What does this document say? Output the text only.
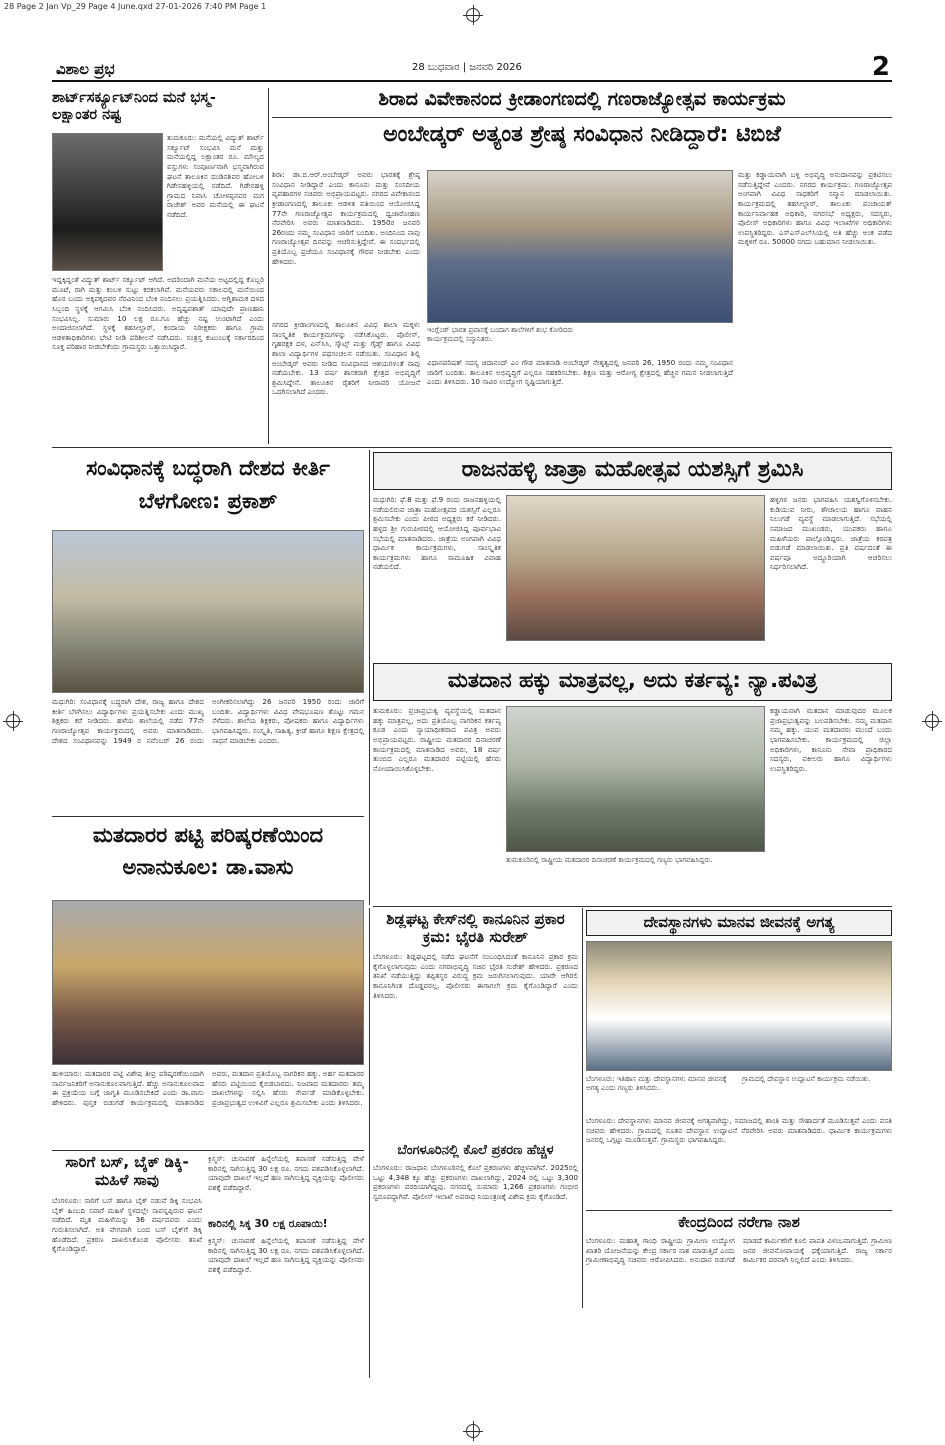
28 Page 2 Jan Vp_29 Page 4 June.qxd 27-01-2026 7:40 PM Page 1
ವಿಶಾಲ ಪ್ರಭ	28 ಬುಧವಾರ | ಜನವರಿ 2026	2
ಶಾರ್ಟ್‌ಸರ್ಕ್ಯೂಟ್‌ನಿಂದ ಮನೆ ಭಸ್ಮ- ಲಕ್ಷಾಂತರ ನಷ್ಟ
ತುಮಕೂರು: ಮನೆಯಲ್ಲಿ ವಿದ್ಯುತ್ ಶಾರ್ಟ್ ಸರ್ಕ್ಯೂಟ್ ಸಂಭವಿಸಿ ಮನೆ ಮತ್ತು ಮನೆಯಲ್ಲಿದ್ದ ಲಕ್ಷಾಂತರ ರೂ. ಮೌಲ್ಯದ ವಸ್ತುಗಳು ಸಂಪೂರ್ಣವಾಗಿ ಭಸ್ಮವಾಗಿರುವ ಘಟನೆ ತಾಲೂಕಿನ ದಂಡಿನಶಿವರ ಹೋಬಳಿ ಗಿಡೇನಹಳ್ಳಿಯಲ್ಲಿ ನಡೆದಿದೆ. ಗಿಡೇನಹಳ್ಳಿ ಗ್ರಾಮದ ನಿವಾಸಿ ಚೋಳಪ್ಪನವರ ಮಗ ರಾಜೇಶ್ ಅವರ ಮನೆಯಲ್ಲಿ ಈ ಘಟನೆ ನಡೆದಿದೆ.
ಇದ್ದಕ್ಕಿದ್ದಂತೆ ವಿದ್ಯುತ್ ಶಾರ್ಟ್ ಸರ್ಕ್ಯೂಟ್ ಆಗಿದೆ. ಅದರಿಂದಾಗಿ ಮನೆಯ ಅಟ್ಟದಲ್ಲಿದ್ದ ಕೊಬ್ಬರಿ ಮೂಟೆ, ರಾಗಿ ಮತ್ತು ಕಂಬಳಿ ಸುಟ್ಟು ಕರಕಲಾಗಿವೆ. ಮನೆಯವರು ಸಕಾಲದಲ್ಲಿ ಮನೆಯಿಂದ ಹೊರ ಬಂದು ಅಕ್ಕಪಕ್ಕದವರ ನೆರವಿನಿಂದ ಬೆಂಕಿ ನಂದಿಸಲು ಪ್ರಯತ್ನಿಸಿದರು. ಅಗ್ನಿಶಾಮಕ ದಳದ ಸಿಬ್ಬಂದಿ ಸ್ಥಳಕ್ಕೆ ಆಗಮಿಸಿ ಬೆಂಕಿ ನಂದಿಸಿದರು. ಅದೃಷ್ಟವಶಾತ್ ಯಾವುದೇ ಪ್ರಾಣಹಾನಿ ಸಂಭವಿಸಿಲ್ಲ. ಸುಮಾರು 10 ಲಕ್ಷ ರೂ.ಗೂ ಹೆಚ್ಚು ನಷ್ಟ ಉಂಟಾಗಿದೆ ಎಂದು ಅಂದಾಜಿಸಲಾಗಿದೆ. ಸ್ಥಳಕ್ಕೆ ತಹಸೀಲ್ದಾರ್, ಕಂದಾಯ ನಿರೀಕ್ಷಕರು ಹಾಗೂ ಗ್ರಾಮ ಆಡಳಿತಾಧಿಕಾರಿಗಳು ಭೇಟಿ ನೀಡಿ ಪರಿಶೀಲನೆ ನಡೆಸಿದರು. ಸಂತ್ರಸ್ತ ಕುಟುಂಬಕ್ಕೆ ಸರ್ಕಾರದಿಂದ ಸೂಕ್ತ ಪರಿಹಾರ ನೀಡಬೇಕೆಂದು ಗ್ರಾಮಸ್ಥರು ಒತ್ತಾಯಿಸಿದ್ದಾರೆ.
ಶಿರಾದ ವಿವೇಕಾನಂದ ಕ್ರೀಡಾಂಗಣದಲ್ಲಿ ಗಣರಾಜ್ಯೋತ್ಸವ ಕಾರ್ಯಕ್ರಮ
ಅಂಬೇಡ್ಕರ್ ಅತ್ಯಂತ ಶ್ರೇಷ್ಠ ಸಂವಿಧಾನ ನೀಡಿದ್ದಾರೆ: ಟಿಬಿಜೆ
ಶಿರಾ: ಡಾ.ಬಿ.ಆರ್.ಅಂಬೇಡ್ಕರ್ ಅವರು ಭಾರತಕ್ಕೆ ಶ್ರೇಷ್ಠ ಸಂವಿಧಾನ ನೀಡಿದ್ದಾರೆ ಎಂದು ಕಾನೂನು ಮತ್ತು ಸಂಸದೀಯ ವ್ಯವಹಾರಗಳ ಸಚಿವರು ಅಭಿಪ್ರಾಯಪಟ್ಟರು. ನಗರದ ವಿವೇಕಾನಂದ ಕ್ರೀಡಾಂಗಣದಲ್ಲಿ ತಾಲೂಕು ಆಡಳಿತ ವತಿಯಿಂದ ಆಯೋಜಿಸಿದ್ದ 77ನೇ ಗಣರಾಜ್ಯೋತ್ಸವ ಕಾರ್ಯಕ್ರಮದಲ್ಲಿ ಧ್ವಜಾರೋಹಣ ನೆರವೇರಿಸಿ ಅವರು ಮಾತನಾಡಿದರು. 1950ರ ಜನವರಿ 26ರಂದು ನಮ್ಮ ಸಂವಿಧಾನ ಜಾರಿಗೆ ಬಂದಿತು. ಅಂದಿನಿಂದ ನಾವು ಗಣರಾಜ್ಯೋತ್ಸವ ದಿನವನ್ನು ಆಚರಿಸುತ್ತಿದ್ದೇವೆ. ಈ ಸಂದರ್ಭದಲ್ಲಿ ಪ್ರತಿಯೊಬ್ಬ ಪ್ರಜೆಯೂ ಸಂವಿಧಾನಕ್ಕೆ ಗೌರವ ನೀಡಬೇಕು ಎಂದು ಹೇಳಿದರು.
ನಗರದ ಕ್ರೀಡಾಂಗಣದಲ್ಲಿ ತಾಲೂಕಿನ ವಿವಿಧ ಶಾಲಾ ಮಕ್ಕಳು ಸಾಂಸ್ಕೃತಿಕ ಕಾರ್ಯಕ್ರಮಗಳನ್ನು ನಡೆಸಿಕೊಟ್ಟರು. ಪೊಲೀಸ್, ಗೃಹರಕ್ಷಕ ದಳ, ಎನ್‌ಸಿಸಿ, ಸ್ಕೌಟ್ಸ್ ಮತ್ತು ಗೈಡ್ಸ್ ಹಾಗೂ ವಿವಿಧ ಶಾಲಾ ವಿದ್ಯಾರ್ಥಿಗಳ ಪಥಸಂಚಲನ ನಡೆಯಿತು. ಸಂವಿಧಾನ ಶಿಲ್ಪಿ ಅಂಬೇಡ್ಕರ್ ಅವರು ನೀಡಿದ ಸಂವಿಧಾನದ ಆಶಯಗಳಂತೆ ನಾವು ನಡೆಯಬೇಕು. 13 ವರ್ಷ ಶಾಸಕರಾಗಿ ಕ್ಷೇತ್ರದ ಅಭಿವೃದ್ಧಿಗೆ ಶ್ರಮಿಸಿದ್ದೇನೆ. ತಾಲೂಕಿನ ರೈತರಿಗೆ ನೀರಾವರಿ ಯೋಜನೆ ಒದಗಿಸಲಾಗಿದೆ ಎಂದರು.
ಇಂಗ್ಲೆಂಡ್ ಭಾರತ ಪ್ರವಾಸಕ್ಕೆ ಬಂದಾಗ ಶಾಲೆಗಳಿಗೆ ಶುಭ ಕೋರಿದರು ಕಾರ್ಯಕ್ರಮದಲ್ಲಿ ಸನ್ಮಾನಿತರು.
ವಿಧಾನಪರಿಷತ್ ಸದಸ್ಯ ಚಿದಾನಂದ್ ಎಂ ಗೌಡ ಮಾತನಾಡಿ ಅಂಬೇಡ್ಕರ್ ನೇತೃತ್ವದಲ್ಲಿ ಜನವರಿ 26, 1950 ರಂದು ನಮ್ಮ ಸಂವಿಧಾನ ಜಾರಿಗೆ ಬಂದಿತು. ತಾಲೂಕಿನ ಅಭಿವೃದ್ಧಿಗೆ ಎಲ್ಲರೂ ಸಹಕರಿಸಬೇಕು. ಶಿಕ್ಷಣ ಮತ್ತು ಆರೋಗ್ಯ ಕ್ಷೇತ್ರದಲ್ಲಿ ಹೆಚ್ಚಿನ ಗಮನ ನೀಡಲಾಗುತ್ತಿದೆ ಎಂದು ತಿಳಿಸಿದರು. 10 ಸಾವಿರ ಉದ್ಯೋಗ ಸೃಷ್ಟಿಯಾಗುತ್ತಿದೆ.
ಮತ್ತು ಕಡ್ಡಾಯವಾಗಿ ಬಳ್ಳಿ ಅಭಿವೃದ್ಧಿ ಅನುದಾನವನ್ನು ಪ್ರಕಟಿಸಲು ನಡೆಸುತ್ತಿದ್ದೇವೆ ಎಂದರು. ನಗರದ ಕಾರ್ಯಕ್ರಮ: ಗಣರಾಜ್ಯೋತ್ಸವ ಅಂಗವಾಗಿ ವಿವಿಧ ಸಾಧಕರಿಗೆ ಸನ್ಮಾನ ಮಾಡಲಾಯಿತು. ಕಾರ್ಯಕ್ರಮದಲ್ಲಿ ತಹಸೀಲ್ದಾರ್, ತಾಲೂಕು ಪಂಚಾಯತ್ ಕಾರ್ಯನಿರ್ವಾಹಕ ಅಧಿಕಾರಿ, ನಗರಸಭೆ ಅಧ್ಯಕ್ಷರು, ಸದಸ್ಯರು, ಪೊಲೀಸ್ ಅಧಿಕಾರಿಗಳು ಹಾಗೂ ವಿವಿಧ ಇಲಾಖೆಗಳ ಅಧಿಕಾರಿಗಳು ಉಪಸ್ಥಿತರಿದ್ದರು. ಎಸ್‌ಎಸ್‌ಎಲ್‌ಸಿಯಲ್ಲಿ ಅತಿ ಹೆಚ್ಚು ಅಂಕ ಪಡೆದ ಮಕ್ಕಳಿಗೆ ರೂ. 50000 ನಗದು ಬಹುಮಾನ ನೀಡಲಾಯಿತು.
ಸಂವಿಧಾನಕ್ಕೆ ಬದ್ಧರಾಗಿ ದೇಶದ ಕೀರ್ತಿ ಬೆಳಗೋಣ: ಪ್ರಕಾಶ್
ಮಧುಗಿರಿ: ಸಂವಿಧಾನಕ್ಕೆ ಬದ್ಧರಾಗಿ ದೇಶ, ರಾಜ್ಯ ಹಾಗೂ ದೇಶದ ಕೀರ್ತಿ ಬೆಳಗಿಸಲು ವಿದ್ಯಾರ್ಥಿಗಳು ಪ್ರಯತ್ನಿಸಬೇಕು ಎಂದು ಮುಖ್ಯ ಶಿಕ್ಷಕರು ಕರೆ ನೀಡಿದರು. ಹಳೆಯ ಶಾಲೆಯಲ್ಲಿ ನಡೆದ 77ನೇ ಗಣರಾಜ್ಯೋತ್ಸವ ಕಾರ್ಯಕ್ರಮದಲ್ಲಿ ಅವರು ಮಾತನಾಡಿದರು. ದೇಶದ ಸಂವಿಧಾನವನ್ನು 1949 ರ ನವೆಂಬರ್ 26 ರಂದು ಅಂಗೀಕರಿಸಲಾಗಿದ್ದು 26 ಜನವರಿ 1950 ರಂದು ಜಾರಿಗೆ ಬಂದಿತು. ವಿದ್ಯಾರ್ಥಿಗಳು ವಿವಿಧ ವೇಷಭೂಷಣ ತೊಟ್ಟು ಗಮನ ಸೆಳೆದರು. ಶಾಲೆಯ ಶಿಕ್ಷಕರು, ಪೋಷಕರು ಹಾಗೂ ವಿದ್ಯಾರ್ಥಿಗಳು ಭಾಗವಹಿಸಿದ್ದರು. ಸಂಸ್ಕೃತಿ, ಸಾಹಿತ್ಯ, ಕ್ರೀಡೆ ಹಾಗೂ ಶಿಕ್ಷಣ ಕ್ಷೇತ್ರದಲ್ಲಿ ಸಾಧನೆ ಮಾಡಬೇಕು ಎಂದರು.
ರಾಜನಹಳ್ಳಿ ಜಾತ್ರಾ ಮಹೋತ್ಸವ ಯಶಸ್ಸಿಗೆ ಶ್ರಮಿಸಿ
ಮಧುಗಿರಿ: ಫೆ.8 ಮತ್ತು ಫೆ.9 ರಂದು ರಾಜನಹಳ್ಳಿಯಲ್ಲಿ ನಡೆಯಲಿರುವ ಜಾತ್ರಾ ಮಹೋತ್ಸವದ ಯಶಸ್ಸಿಗೆ ಎಲ್ಲರೂ ಶ್ರಮಿಸಬೇಕು ಎಂದು ಪೀಠದ ಅಧ್ಯಕ್ಷರು ಕರೆ ನೀಡಿದರು. ಹಳ್ಳದ ಶ್ರೀ ಗುರುಪೀಠದಲ್ಲಿ ಆಯೋಜಿಸಿದ್ದ ಪೂರ್ವಭಾವಿ ಸಭೆಯಲ್ಲಿ ಮಾತನಾಡಿದರು. ಜಾತ್ರೆಯ ಅಂಗವಾಗಿ ವಿವಿಧ ಧಾರ್ಮಿಕ ಕಾರ್ಯಕ್ರಮಗಳು, ಸಾಂಸ್ಕೃತಿಕ ಕಾರ್ಯಕ್ರಮಗಳು ಹಾಗೂ ಸಾಮೂಹಿಕ ವಿವಾಹ ನಡೆಯಲಿದೆ.
ಹಳ್ಳಿಗಳ ಜನರು ಭಾಗವಹಿಸಿ ಯಶಸ್ವಿಗೊಳಿಸಬೇಕು. ಕುಡಿಯುವ ನೀರು, ಶೌಚಾಲಯ ಹಾಗೂ ವಾಹನ ನಿಲುಗಡೆ ವ್ಯವಸ್ಥೆ ಮಾಡಲಾಗುತ್ತಿದೆ. ಸಭೆಯಲ್ಲಿ ಸಮಾಜದ ಮುಖಂಡರು, ಯುವಕರು ಹಾಗೂ ಮಹಿಳೆಯರು ಪಾಲ್ಗೊಂಡಿದ್ದರು. ಜಾತ್ರೆಯ ಕರಪತ್ರ ಬಿಡುಗಡೆ ಮಾಡಲಾಯಿತು. ಪ್ರತಿ ವರ್ಷದಂತೆ ಈ ವರ್ಷವೂ ಅದ್ಧೂರಿಯಾಗಿ ಆಚರಿಸಲು ನಿರ್ಧರಿಸಲಾಗಿದೆ.
ಮತದಾನ ಹಕ್ಕು ಮಾತ್ರವಲ್ಲ, ಅದು ಕರ್ತವ್ಯ: ನ್ಯಾ.ಪವಿತ್ರ
ತುಮಕೂರು: ಪ್ರಜಾಪ್ರಭುತ್ವ ವ್ಯವಸ್ಥೆಯಲ್ಲಿ ಮತದಾನ ಹಕ್ಕು ಮಾತ್ರವಲ್ಲ, ಅದು ಪ್ರತಿಯೊಬ್ಬ ನಾಗರಿಕನ ಕರ್ತವ್ಯ ಕೂಡ ಎಂದು ನ್ಯಾಯಾಧೀಶರಾದ ಪವಿತ್ರ ಅವರು ಅಭಿಪ್ರಾಯಪಟ್ಟರು. ರಾಷ್ಟ್ರೀಯ ಮತದಾರರ ದಿನಾಚರಣೆ ಕಾರ್ಯಕ್ರಮದಲ್ಲಿ ಮಾತನಾಡಿದ ಅವರು, 18 ವರ್ಷ ತುಂಬಿದ ಎಲ್ಲರೂ ಮತದಾರರ ಪಟ್ಟಿಯಲ್ಲಿ ಹೆಸರು ನೋಂದಾಯಿಸಿಕೊಳ್ಳಬೇಕು.
ತುಮಕೂರಿನಲ್ಲಿ ರಾಷ್ಟ್ರೀಯ ಮತದಾರರ ದಿನಾಚರಣೆ ಕಾರ್ಯಕ್ರಮದಲ್ಲಿ ಗಣ್ಯರು ಭಾಗವಹಿಸಿದ್ದರು.
ಕಡ್ಡಾಯವಾಗಿ ಮತದಾನ ಮಾಡುವುದರ ಮೂಲಕ ಪ್ರಜಾಪ್ರಭುತ್ವವನ್ನು ಬಲಪಡಿಸಬೇಕು. ನಮ್ಮ ಮತದಾನ ನಮ್ಮ ಹಕ್ಕು. ಯುವ ಮತದಾರರು ಮುಂದೆ ಬಂದು ಭಾಗವಹಿಸಬೇಕು. ಕಾರ್ಯಕ್ರಮದಲ್ಲಿ ಜಿಲ್ಲಾ ಅಧಿಕಾರಿಗಳು, ಕಾನೂನು ಸೇವಾ ಪ್ರಾಧಿಕಾರದ ಸದಸ್ಯರು, ವಕೀಲರು ಹಾಗೂ ವಿದ್ಯಾರ್ಥಿಗಳು ಉಪಸ್ಥಿತರಿದ್ದರು.
ಮತದಾರರ ಪಟ್ಟಿ ಪರಿಷ್ಕರಣೆಯಿಂದ ಅನಾನುಕೂಲ: ಡಾ.ವಾಸು
ಹುಳಿಯಾರು: ಮತದಾರರ ಪಟ್ಟಿ ವಿಶೇಷ ತೀವ್ರ ಪರಿಷ್ಕರಣೆಯಿಂದಾಗಿ ಸಾರ್ವಜನಿಕರಿಗೆ ಅನಾನುಕೂಲವಾಗುತ್ತಿದೆ. ಹೆಚ್ಚು ಅನಾನುಕೂಲವಾದ ಈ ಪ್ರಕ್ರಿಯೆಯ ಬಗ್ಗೆ ಜಾಗೃತಿ ಮೂಡಿಸಬೇಕಿದೆ ಎಂದು ಡಾ.ವಾಸು ಹೇಳಿದರು. ಪುಸ್ತಕ ಬಿಡುಗಡೆ ಕಾರ್ಯಕ್ರಮದಲ್ಲಿ ಮಾತನಾಡಿದ ಅವರು, ಮತದಾನ ಪ್ರತಿಯೊಬ್ಬ ನಾಗರಿಕನ ಹಕ್ಕು. ಅರ್ಹ ಮತದಾರರ ಹೆಸರು ಪಟ್ಟಿಯಿಂದ ಕೈಬಿಡಬಾರದು. ನಿಜವಾದ ಮತದಾರರು ತಮ್ಮ ದಾಖಲೆಗಳನ್ನು ಸಲ್ಲಿಸಿ ಹೆಸರು ಸೇರ್ಪಡೆ ಮಾಡಿಕೊಳ್ಳಬೇಕು. ಪ್ರಜಾಪ್ರಭುತ್ವದ ಉಳಿವಿಗೆ ಎಲ್ಲರೂ ಶ್ರಮಿಸಬೇಕು ಎಂದು ತಿಳಿಸಿದರು.
ಶಿಡ್ಲಘಟ್ಟ ಕೇಸ್‌ನಲ್ಲಿ ಕಾನೂನಿನ ಪ್ರಕಾರ ಕ್ರಮ: ಭೈರತಿ ಸುರೇಶ್
ಬೆಂಗಳೂರು: ಶಿಡ್ಲಘಟ್ಟದಲ್ಲಿ ನಡೆದ ಘಟನೆಗೆ ಸಂಬಂಧಿಸಿದಂತೆ ಕಾನೂನಿನ ಪ್ರಕಾರ ಕ್ರಮ ಕೈಗೊಳ್ಳಲಾಗುವುದು ಎಂದು ನಗರಾಭಿವೃದ್ಧಿ ಸಚಿವ ಭೈರತಿ ಸುರೇಶ್ ಹೇಳಿದರು. ಪ್ರಕರಣದ ತನಿಖೆ ನಡೆಯುತ್ತಿದ್ದು ತಪ್ಪಿತಸ್ಥರ ವಿರುದ್ಧ ಕ್ರಮ ಜರುಗಿಸಲಾಗುವುದು. ಯಾರೇ ಆಗಿರಲಿ ಕಾನೂನಿಗಿಂತ ದೊಡ್ಡವರಲ್ಲ. ಪೊಲೀಸರು ಈಗಾಗಲೇ ಕ್ರಮ ಕೈಗೊಂಡಿದ್ದಾರೆ ಎಂದು ತಿಳಿಸಿದರು.
ಬೆಂಗಳೂರಿನಲ್ಲಿ ಕೊಲೆ ಪ್ರಕರಣ ಹೆಚ್ಚಳ
ಬೆಂಗಳೂರು: ರಾಜಧಾನಿ ಬೆಂಗಳೂರಿನಲ್ಲಿ ಕೊಲೆ ಪ್ರಕರಣಗಳು ಹೆಚ್ಚಳವಾಗಿವೆ. 2025ರಲ್ಲಿ ಒಟ್ಟು 4,348 ಕ್ಕೂ ಹೆಚ್ಚು ಪ್ರಕರಣಗಳು ದಾಖಲಾಗಿದ್ದು, 2024 ರಲ್ಲಿ ಒಟ್ಟು 3,300 ಪ್ರಕರಣಗಳು ವರದಿಯಾಗಿದ್ದವು. ನಗರದಲ್ಲಿ ಸುಮಾರು 1,266 ಪ್ರಕರಣಗಳು ಗಂಭೀರ ಸ್ವರೂಪದ್ದಾಗಿವೆ. ಪೊಲೀಸ್ ಇಲಾಖೆ ಅಪರಾಧ ನಿಯಂತ್ರಣಕ್ಕೆ ವಿಶೇಷ ಕ್ರಮ ಕೈಗೊಂಡಿದೆ.
ದೇವಸ್ಥಾನಗಳು ಮಾನವ ಜೀವನಕ್ಕೆ ಅಗತ್ಯ
ಬೆಂಗಳೂರು: ಇತಿಹಾಸ ಮತ್ತು ದೇವಸ್ಥಾನಗಳು ಮಾನವ ಜೀವನಕ್ಕೆ ಅಗತ್ಯ ಎಂದು ಗಣ್ಯರು ತಿಳಿಸಿದರು.
ಗ್ರಾಮದಲ್ಲಿ ದೇವಸ್ಥಾನ ಉದ್ಘಾಟನೆ ಕಾರ್ಯಕ್ರಮ ನಡೆಯಿತು.
ಬೆಂಗಳೂರು: ದೇವಸ್ಥಾನಗಳು ಮಾನವ ಜೀವನಕ್ಕೆ ಅಗತ್ಯವಾಗಿದ್ದು, ಸಮಾಜದಲ್ಲಿ ಶಾಂತಿ ಮತ್ತು ಸೌಹಾರ್ದತೆ ಮೂಡಿಸುತ್ತವೆ ಎಂದು ವಸತಿ ಸಚಿವರು ಹೇಳಿದರು. ಗ್ರಾಮದಲ್ಲಿ ನೂತನ ದೇವಸ್ಥಾನ ಉದ್ಘಾಟನೆ ನೆರವೇರಿಸಿ ಅವರು ಮಾತನಾಡಿದರು. ಧಾರ್ಮಿಕ ಕಾರ್ಯಕ್ರಮಗಳು ಜನರಲ್ಲಿ ಒಗ್ಗಟ್ಟು ಮೂಡಿಸುತ್ತವೆ. ಗ್ರಾಮಸ್ಥರು ಭಾಗವಹಿಸಿದ್ದರು.
ಸಾರಿಗೆ ಬಸ್, ಬೈಕ್ ಡಿಕ್ಕಿ- ಮಹಿಳೆ ಸಾವು
ಬೆಂಗಳೂರು: ಸಾರಿಗೆ ಬಸ್ ಹಾಗೂ ಬೈಕ್ ನಡುವೆ ಡಿಕ್ಕಿ ಸಂಭವಿಸಿ ಬೈಕ್ ಹಿಂಬದಿ ಸವಾರೆ ಮಹಿಳೆ ಸ್ಥಳದಲ್ಲೇ ಸಾವನ್ನಪ್ಪಿರುವ ಘಟನೆ ನಡೆದಿದೆ. ಮೃತ ಮಹಿಳೆಯನ್ನು 36 ವರ್ಷದವರು ಎಂದು ಗುರುತಿಸಲಾಗಿದೆ. ಅತಿ ವೇಗವಾಗಿ ಬಂದ ಬಸ್ ಬೈಕ್‌ಗೆ ಡಿಕ್ಕಿ ಹೊಡೆದಿದೆ. ಪ್ರಕರಣ ದಾಖಲಿಸಿಕೊಂಡ ಪೊಲೀಸರು ತನಿಖೆ ಕೈಗೊಂಡಿದ್ದಾರೆ.
ಕ್ರಿಸ್ಮಸ್: ಚುನಾವಣೆ ಹಿನ್ನೆಲೆಯಲ್ಲಿ ತಪಾಸಣೆ ನಡೆಸುತ್ತಿದ್ದ ವೇಳೆ ಕಾರಿನಲ್ಲಿ ಸಾಗಿಸುತ್ತಿದ್ದ 30 ಲಕ್ಷ ರೂ. ನಗದು ವಶಪಡಿಸಿಕೊಳ್ಳಲಾಗಿದೆ. ಯಾವುದೇ ದಾಖಲೆ ಇಲ್ಲದೆ ಹಣ ಸಾಗಿಸುತ್ತಿದ್ದ ವ್ಯಕ್ತಿಯನ್ನು ಪೊಲೀಸರು ವಶಕ್ಕೆ ಪಡೆದಿದ್ದಾರೆ.
ಕಾರಿನಲ್ಲಿ ಸಿಕ್ಕ 30 ಲಕ್ಷ ರೂಪಾಯಿ!
ಕ್ರಿಸ್ಮಸ್: ಚುನಾವಣೆ ಹಿನ್ನೆಲೆಯಲ್ಲಿ ತಪಾಸಣೆ ನಡೆಸುತ್ತಿದ್ದ ವೇಳೆ ಕಾರಿನಲ್ಲಿ ಸಾಗಿಸುತ್ತಿದ್ದ 30 ಲಕ್ಷ ರೂ. ನಗದು ವಶಪಡಿಸಿಕೊಳ್ಳಲಾಗಿದೆ. ಯಾವುದೇ ದಾಖಲೆ ಇಲ್ಲದೆ ಹಣ ಸಾಗಿಸುತ್ತಿದ್ದ ವ್ಯಕ್ತಿಯನ್ನು ಪೊಲೀಸರು ವಶಕ್ಕೆ ಪಡೆದಿದ್ದಾರೆ.
ಕೇಂದ್ರದಿಂದ ನರೇಗಾ ನಾಶ
ಬೆಂಗಳೂರು: ಮಹಾತ್ಮ ಗಾಂಧಿ ರಾಷ್ಟ್ರೀಯ ಗ್ರಾಮೀಣ ಉದ್ಯೋಗ ಖಾತರಿ ಯೋಜನೆಯನ್ನು ಕೇಂದ್ರ ಸರ್ಕಾರ ನಾಶ ಮಾಡುತ್ತಿದೆ ಎಂದು ಗ್ರಾಮೀಣಾಭಿವೃದ್ಧಿ ಸಚಿವರು ಆರೋಪಿಸಿದರು. ಅನುದಾನ ಬಿಡುಗಡೆ ಮಾಡದೆ ಕಾರ್ಮಿಕರಿಗೆ ಕೂಲಿ ಪಾವತಿ ವಿಳಂಬವಾಗುತ್ತಿದೆ. ಗ್ರಾಮೀಣ ಜನರ ಜೀವನೋಪಾಯಕ್ಕೆ ಧಕ್ಕೆಯಾಗುತ್ತಿದೆ. ರಾಜ್ಯ ಸರ್ಕಾರ ಕಾರ್ಮಿಕರ ಪರವಾಗಿ ನಿಲ್ಲಲಿದೆ ಎಂದು ತಿಳಿಸಿದರು.
